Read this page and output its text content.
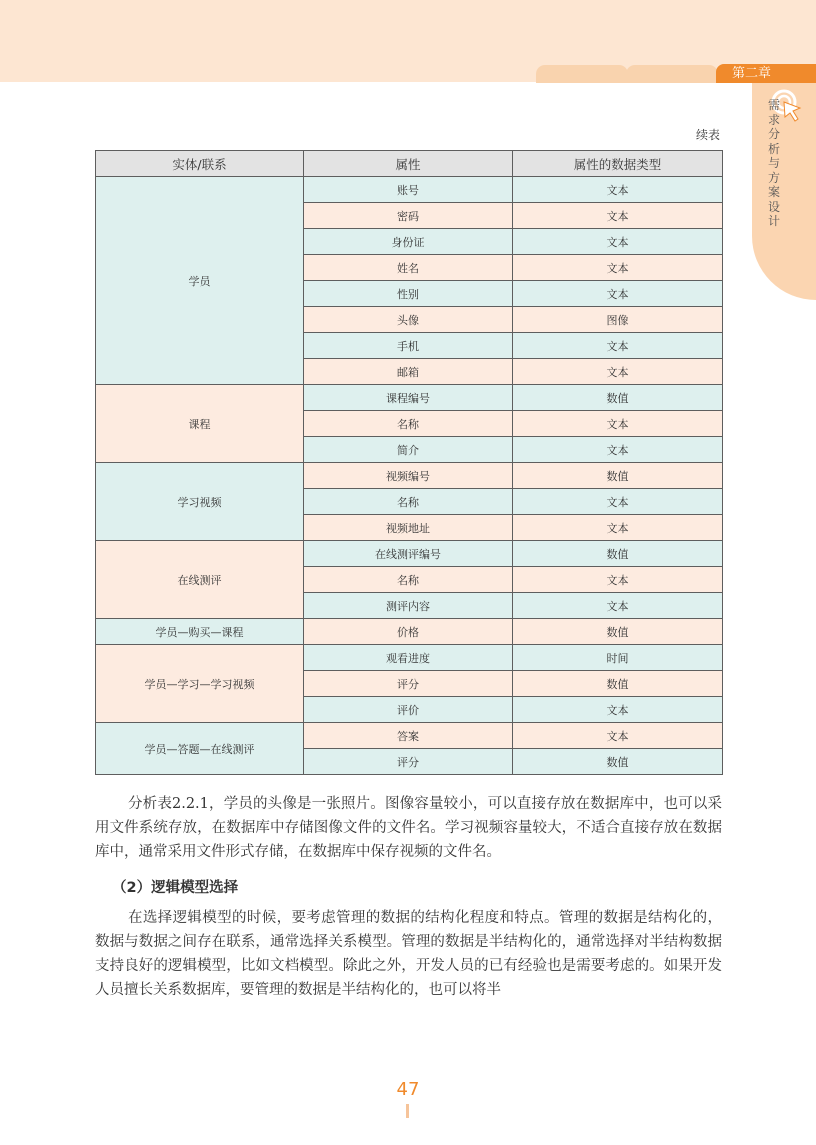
第二章
需求分析与方案设计
续表
实体/联系	属性	属性的数据类型
学员	账号	文本
	密码	文本
	身份证	文本
	姓名	文本
	性别	文本
	头像	图像
	手机	文本
	邮箱	文本
课程	课程编号	数值
	名称	文本
	简介	文本
学习视频	视频编号	数值
	名称	文本
	视频地址	文本
在线测评	在线测评编号	数值
	名称	文本
	测评内容	文本
学员—购买—课程	价格	数值
学员—学习—学习视频	观看进度	时间
	评分	数值
	评价	文本
学员—答题—在线测评	答案	文本
	评分	数值

分析表2.2.1，学员的头像是一张照片。图像容量较小，可以直接存放在数据库中，也可以采用文件系统存放，在数据库中存储图像文件的文件名。学习视频容量较大，不适合直接存放在数据库中，通常采用文件形式存储，在数据库中保存视频的文件名。

（2）逻辑模型选择

在选择逻辑模型的时候，要考虑管理的数据的结构化程度和特点。管理的数据是结构化的，数据与数据之间存在联系，通常选择关系模型。管理的数据是半结构化的，通常选择对半结构数据支持良好的逻辑模型，比如文档模型。除此之外，开发人员的已有经验也是需要考虑的。如果开发人员擅长关系数据库，要管理的数据是半结构化的，也可以将半

47
